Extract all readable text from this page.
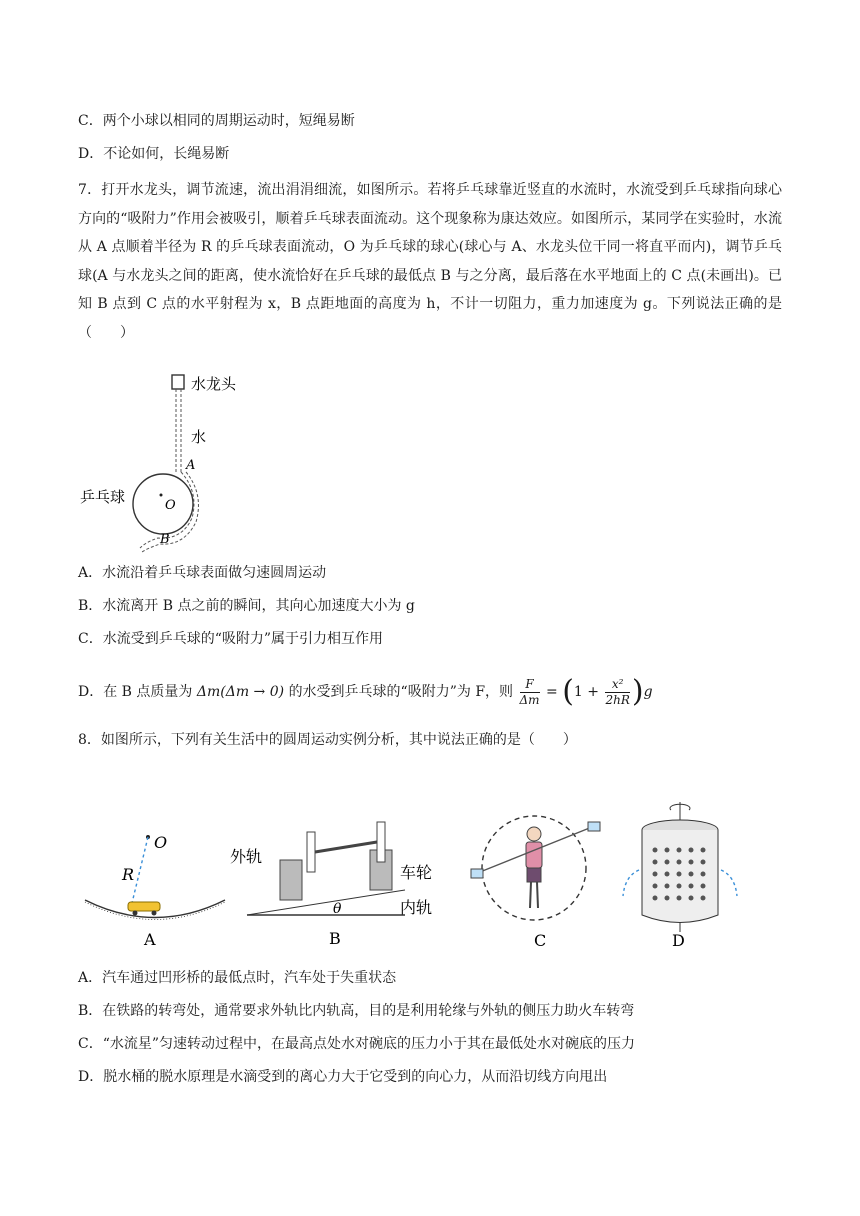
C．两个小球以相同的周期运动时，短绳易断
D．不论如何，长绳易断
7．打开水龙头，调节流速，流出涓涓细流，如图所示。若将乒乓球靠近竖直的水流时，水流受到乒乓球指向球心方向的“吸附力”作用会被吸引，顺着乒乓球表面流动。这个现象称为康达效应。如图所示，某同学在实验时，水流从 A 点顺着半径为 R 的乒乓球表面流动，O 为乒乓球的球心(球心与 A、水龙头位干同一将直平而内)，调节乒乓球(A 与水龙头之间的距离，使水流恰好在乒乓球的最低点 B 与之分离，最后落在水平地面上的 C 点(未画出)。已知 B 点到 C 点的水平射程为 x，B 点距地面的高度为 h，不计一切阻力，重力加速度为 g。下列说法正确的是（　　）
水龙头
水
A
O
乒乓球
B
A．水流沿着乒乓球表面做匀速圆周运动
B．水流离开 B 点之前的瞬间，其向心加速度大小为 g
C．水流受到乒乓球的“吸附力”属于引力相互作用
D．在 B 点质量为 Δm(Δm → 0) 的水受到乒乓球的“吸附力”为 F，则 $\frac{F}{\Delta m} = (1 + \frac{\text{x²}}{2hR} )g$
8．如图所示，下列有关生活中的圆周运动实例分析，其中说法正确的是（　　）
O
R
A
外轨
车轮
内轨
θ
B	C	D
A．汽车通过凹形桥的最低点时，汽车处于失重状态
B．在铁路的转弯处，通常要求外轨比内轨高，目的是利用轮缘与外轨的侧压力助火车转弯
C．“水流星”匀速转动过程中，在最高点处水对碗底的压力小于其在最低处水对碗底的压力
D．脱水桶的脱水原理是水滴受到的离心力大于它受到的向心力，从而沿切线方向甩出
